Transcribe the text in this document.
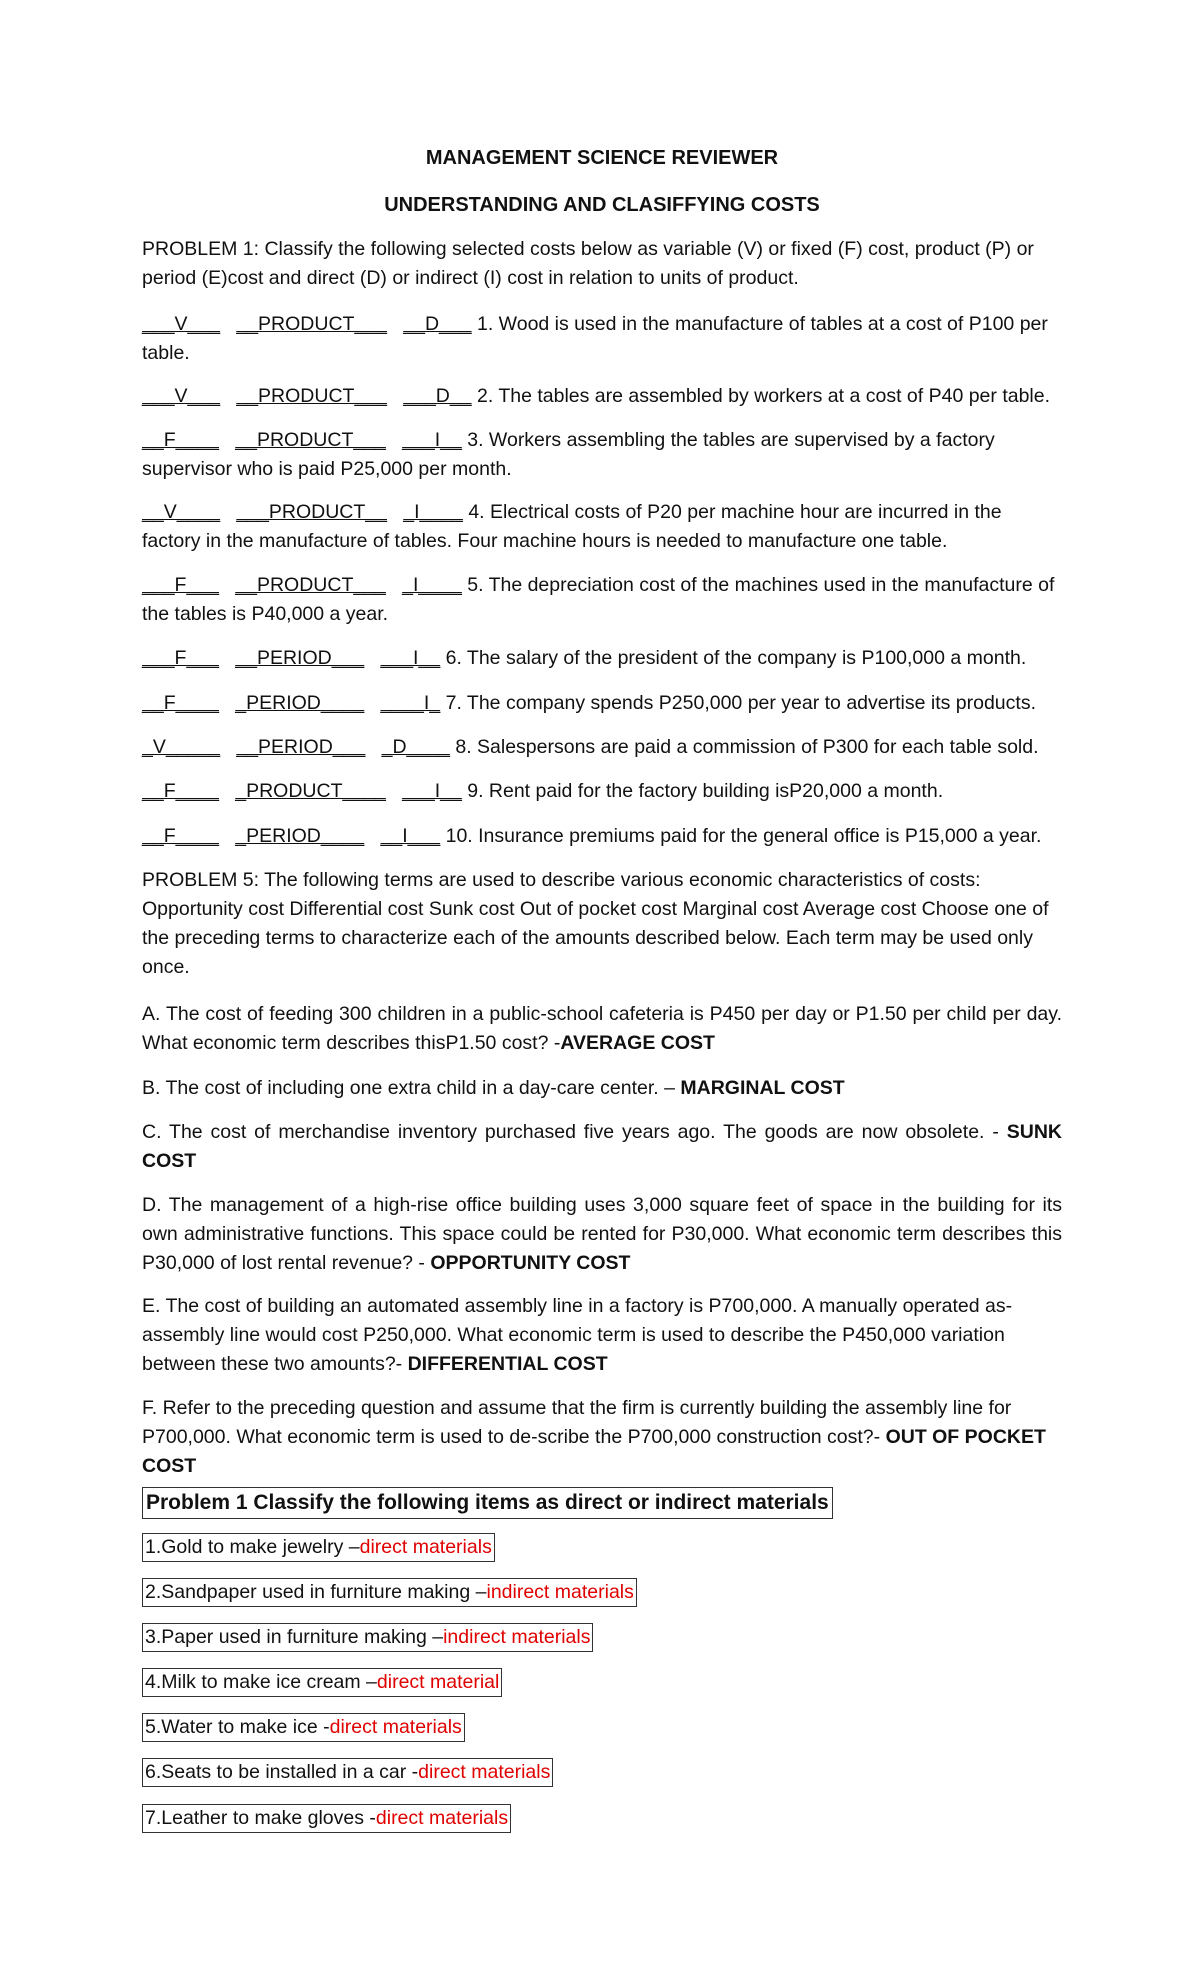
MANAGEMENT SCIENCE REVIEWER
UNDERSTANDING AND CLASIFFYING COSTS
PROBLEM 1: Classify the following selected costs below as variable (V) or fixed (F) cost, product (P) or period (E)cost and direct (D) or indirect (I) cost in relation to units of product.
___V___ __PRODUCT___ __D___ 1. Wood is used in the manufacture of tables at a cost of P100 per table.
___V___ __PRODUCT___ ___D__ 2. The tables are assembled by workers at a cost of P40 per table.
__F____ __PRODUCT___ ___I__ 3. Workers assembling the tables are supervised by a factory supervisor who is paid P25,000 per month.
__V____ ___PRODUCT__ _I____ 4. Electrical costs of P20 per machine hour are incurred in the factory in the manufacture of tables. Four machine hours is needed to manufacture one table.
___F___ __PRODUCT___ _I____ 5. The depreciation cost of the machines used in the manufacture of the tables is P40,000 a year.
___F___ __PERIOD___ ___I__ 6. The salary of the president of the company is P100,000 a month.
__F____ _PERIOD____ ____I_ 7. The company spends P250,000 per year to advertise its products.
_V_____ __PERIOD___ _D____ 8. Salespersons are paid a commission of P300 for each table sold.
__F____ _PRODUCT____ ___I__ 9. Rent paid for the factory building isP20,000 a month.
__F____ _PERIOD____ __I___ 10. Insurance premiums paid for the general office is P15,000 a year.
PROBLEM 5: The following terms are used to describe various economic characteristics of costs: Opportunity cost Differential cost Sunk cost Out of pocket cost Marginal cost Average cost Choose one of the preceding terms to characterize each of the amounts described below. Each term may be used only once.
A. The cost of feeding 300 children in a public-school cafeteria is P450 per day or P1.50 per child per day. What economic term describes thisP1.50 cost? -AVERAGE COST
B. The cost of including one extra child in a day-care center. – MARGINAL COST
C. The cost of merchandise inventory purchased five years ago. The goods are now obsolete. - SUNK COST
D. The management of a high-rise office building uses 3,000 square feet of space in the building for its own administrative functions. This space could be rented for P30,000. What economic term describes this P30,000 of lost rental revenue? - OPPORTUNITY COST
E. The cost of building an automated assembly line in a factory is P700,000. A manually operated as-assembly line would cost P250,000. What economic term is used to describe the P450,000 variation between these two amounts?- DIFFERENTIAL COST
F. Refer to the preceding question and assume that the firm is currently building the assembly line for P700,000. What economic term is used to de-scribe the P700,000 construction cost?- OUT OF POCKET COST
Problem 1 Classify the following items as direct or indirect materials
1.Gold to make jewelry –direct materials
2.Sandpaper used in furniture making –indirect materials
3.Paper used in furniture making –indirect materials
4.Milk to make ice cream –direct material
5.Water to make ice -direct materials
6.Seats to be installed in a car -direct materials
7.Leather to make gloves -direct materials
